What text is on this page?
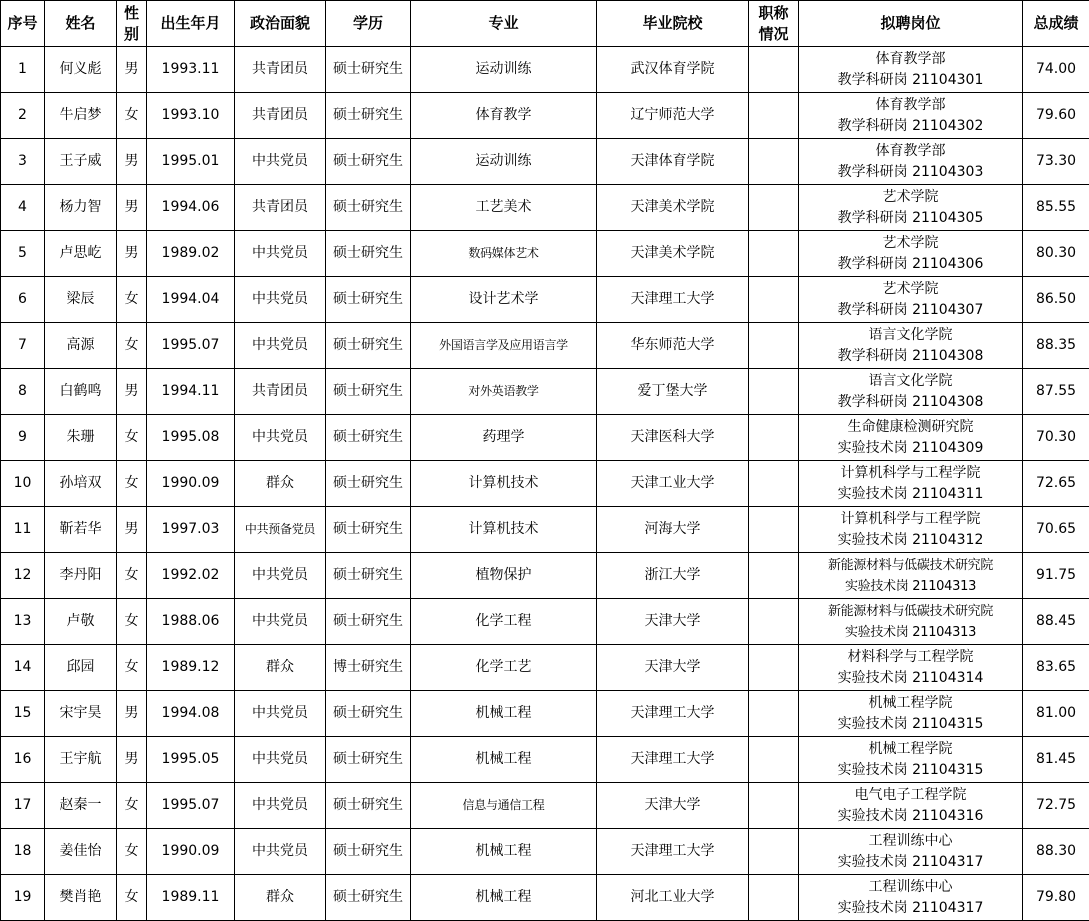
序号	姓名	性
别	出生年月	政治面貌	学历	专业	毕业院校	职称
情况	拟聘岗位	总成绩
1	何义彪	男	1993.11	共青团员	硕士研究生	运动训练	武汉体育学院		体育教学部
教学科研岗 21104301	74.00
2	牛启梦	女	1993.10	共青团员	硕士研究生	体育教学	辽宁师范大学		体育教学部
教学科研岗 21104302	79.60
3	王子威	男	1995.01	中共党员	硕士研究生	运动训练	天津体育学院		体育教学部
教学科研岗 21104303	73.30
4	杨力智	男	1994.06	共青团员	硕士研究生	工艺美术	天津美术学院		艺术学院
教学科研岗 21104305	85.55
5	卢思屹	男	1989.02	中共党员	硕士研究生	数码媒体艺术	天津美术学院		艺术学院
教学科研岗 21104306	80.30
6	梁辰	女	1994.04	中共党员	硕士研究生	设计艺术学	天津理工大学		艺术学院
教学科研岗 21104307	86.50
7	高源	女	1995.07	中共党员	硕士研究生	外国语言学及应用语言学	华东师范大学		语言文化学院
教学科研岗 21104308	88.35
8	白鹤鸣	男	1994.11	共青团员	硕士研究生	对外英语教学	爱丁堡大学		语言文化学院
教学科研岗 21104308	87.55
9	朱珊	女	1995.08	中共党员	硕士研究生	药理学	天津医科大学		生命健康检测研究院
实验技术岗 21104309	70.30
10	孙培双	女	1990.09	群众	硕士研究生	计算机技术	天津工业大学		计算机科学与工程学院
实验技术岗 21104311	72.65
11	靳若华	男	1997.03	中共预备党员	硕士研究生	计算机技术	河海大学		计算机科学与工程学院
实验技术岗 21104312	70.65
12	李丹阳	女	1992.02	中共党员	硕士研究生	植物保护	浙江大学		新能源材料与低碳技术研究院
实验技术岗 21104313	91.75
13	卢敬	女	1988.06	中共党员	硕士研究生	化学工程	天津大学		新能源材料与低碳技术研究院
实验技术岗 21104313	88.45
14	邱园	女	1989.12	群众	博士研究生	化学工艺	天津大学		材料科学与工程学院
实验技术岗 21104314	83.65
15	宋宇昊	男	1994.08	中共党员	硕士研究生	机械工程	天津理工大学		机械工程学院
实验技术岗 21104315	81.00
16	王宇航	男	1995.05	中共党员	硕士研究生	机械工程	天津理工大学		机械工程学院
实验技术岗 21104315	81.45
17	赵秦一	女	1995.07	中共党员	硕士研究生	信息与通信工程	天津大学		电气电子工程学院
实验技术岗 21104316	72.75
18	姜佳怡	女	1990.09	中共党员	硕士研究生	机械工程	天津理工大学		工程训练中心
实验技术岗 21104317	88.30
19	樊肖艳	女	1989.11	群众	硕士研究生	机械工程	河北工业大学		工程训练中心
实验技术岗 21104317	79.80
